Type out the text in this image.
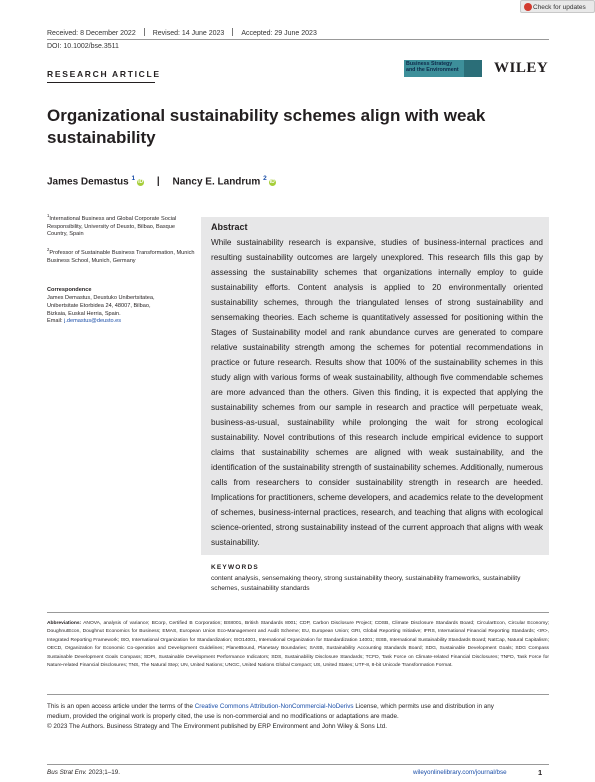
Check for updates
Received: 8 December 2022 Revised: 14 June 2023 Accepted: 29 June 2023
DOI: 10.1002/bse.3511
RESEARCH ARTICLE
Business Strategy
and the Environment WILEY
Organizational sustainability schemes align with weak sustainability
James Demastus $^1$iD | Nancy E. Landrum $^2$iD
$^1$International Business and Global Corporate Social Responsibility, University of Deusto, Bilbao, Basque Country, Spain
$^2$Professor of Sustainable Business Transformation, Munich Business School, Munich, Germany
Correspondence
James Demastus, Deustuko Unibertsitatea,
Unibertsitate Etorbidea 24, 48007, Bilbao,
Bizkaia, Euskal Herria, Spain.
Email: j.demastus@deusto.es
Abstract
While sustainability research is expansive, studies of business-internal practices and resulting sustainability outcomes are largely unexplored. This research fills this gap by assessing the sustainability schemes that organizations internally employ to guide sustainability efforts. Content analysis is applied to 20 environmentally oriented sustainability schemes, through the triangulated lenses of strong sustainability and sensemaking theories. Each scheme is quantitatively assessed for positioning within the Stages of Sustainability model and rank abundance curves are generated to compare relative sustainability strength among the schemes for potential recommendations in practice or future research. Results show that 100% of the sustainability schemes in this study align with various forms of weak sustainability, although five commendable schemes are more advanced than the others. Given this finding, it is expected that applying the sustainability schemes from our sample in research and practice will perpetuate weak, business-as-usual, sustainability while prolonging the wait for strong ecological sustainability. Novel contributions of this research include empirical evidence to support claims that sustainability schemes are aligned with weak sustainability, and the identification of the sustainability strength of sustainability schemes. Additionally, numerous calls from researchers to consider sustainability strength in research are heeded. Implications for practitioners, scheme developers, and academics relate to the development of schemes, business-internal practices, research, and teaching that aligns with ecological science-oriented, strong sustainability instead of the current approach that aligns with weak sustainability.
KEYWORDS
content analysis, sensemaking theory, strong sustainability theory, sustainability frameworks, sustainability schemes, sustainability standards
Abbreviations: ANOVA, analysis of variance; BCorp, Certified B Corporation; BS8001, British Standards 8001; CDP, Carbon Disclosure Project; CDSB, Climate Disclosure Standards Board; CircularEcon, Circular Economy; DoughnutEcon, Doughnut Economics for Business; EMAS, European Union Eco-Management and Audit Scheme; EU, European Union; GRI, Global Reporting Initiative; IFRS, International Financial Reporting Standards; <IR>, Integrated Reporting Framework; ISO, International Organization for Standardization; ISO14001, International Organization for Standardization 14001; ISSB, International Sustainability Standards Board; NatCap, Natural Capitalism; OECD, Organization for Economic Co-operation and Development Guidelines; PlanetBound, Planetary Boundaries; SASB, Sustainability Accounting Standards Board; SDG, Sustainable Development Goals; SDG Compass Sustainable Development Goals Compass; SDPI, Sustainable Development Performance Indicators; SDS, Sustainability Disclosure Standards; TCFD, Task Force on Climate-related Financial Disclosures; TNFD, Task Force for Nature-related Financial Disclosures; TNS, The Natural Step; UN, United Nations; UNGC, United Nations Global Compact; US, United States; UTF-8, 8-bit Unicode Transformation Format.
This is an open access article under the terms of the Creative Commons Attribution-NonCommercial-NoDerivs License, which permits use and distribution in any
medium, provided the original work is properly cited, the use is non-commercial and no modifications or adaptations are made.
© 2023 The Authors. Business Strategy and The Environment published by ERP Environment and John Wiley & Sons Ltd.
Bus Strat Env. 2023;1–19.	wileyonlinelibrary.com/journal/bse	1
